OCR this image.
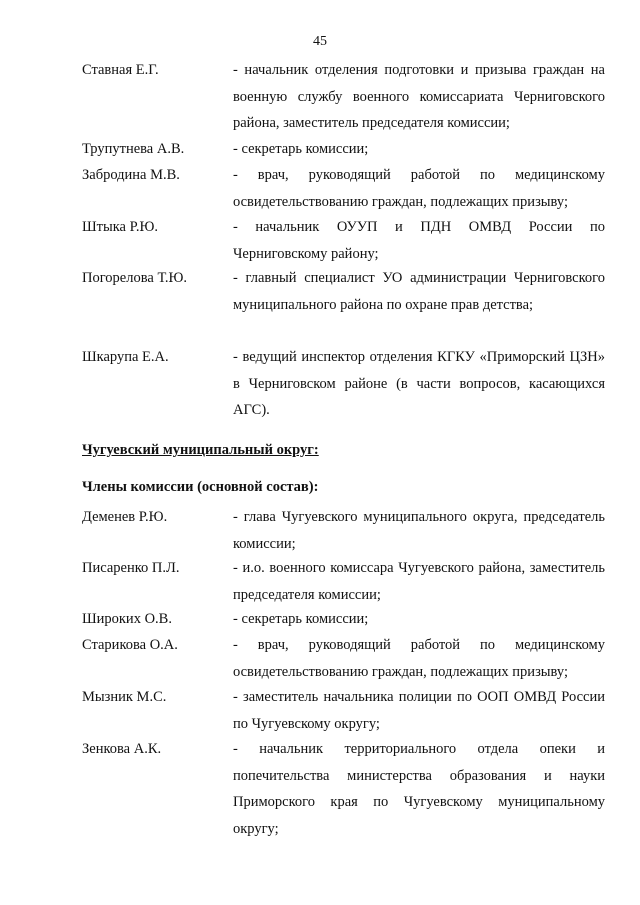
45
Ставная Е.Г.	- начальник отделения подготовки и призыва граждан на военную службу военного комиссариата Черниговского района, заместитель председателя комиссии;
Трупутнева А.В.	- секретарь комиссии;
Забродина М.В.	- врач, руководящий работой по медицинскому освидетельствованию граждан, подлежащих призыву;
Штыка Р.Ю.	- начальник ОУУП и ПДН ОМВД России по Черниговскому району;
Погорелова Т.Ю.	- главный специалист УО администрации Черниговского муниципального района по охране прав детства;
Шкарупа Е.А.	- ведущий инспектор отделения КГКУ «Приморский ЦЗН» в Черниговском районе (в части вопросов, касающихся АГС).
Чугуевский муниципальный округ:
Члены комиссии (основной состав):
Деменев Р.Ю.	- глава Чугуевского муниципального округа, председатель комиссии;
Писаренко П.Л.	- и.о. военного комиссара Чугуевского района, заместитель председателя комиссии;
Широких О.В.	- секретарь комиссии;
Старикова О.А.	- врач, руководящий работой по медицинскому освидетельствованию граждан, подлежащих призыву;
Мызник М.С.	- заместитель начальника полиции по ООП ОМВД России по Чугуевскому округу;
Зенкова А.К.	- начальник территориального отдела опеки и попечительства министерства образования и науки Приморского края по Чугуевскому муниципальному округу;
